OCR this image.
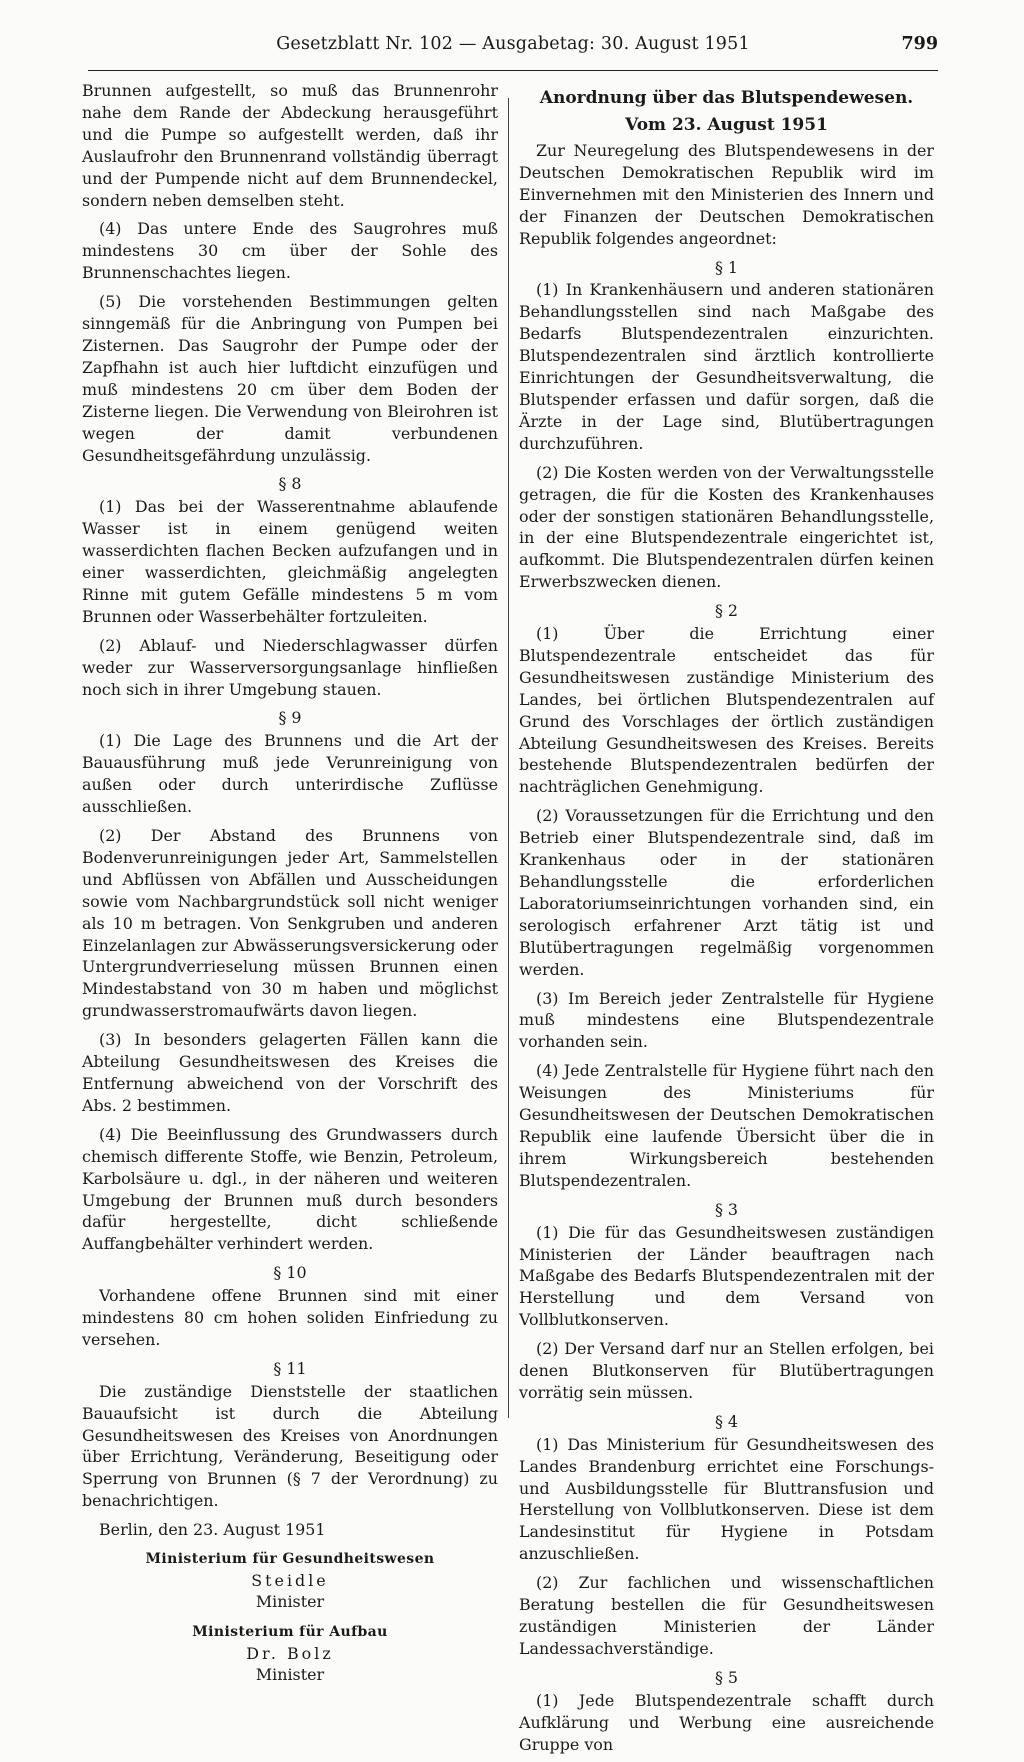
Gesetzblatt Nr. 102 — Ausgabetag: 30. August 1951	799

Brunnen aufgestellt, so muß das Brunnenrohr nahe dem Rande der Abdeckung herausgeführt und die Pumpe so aufgestellt werden, daß ihr Auslaufrohr den Brunnenrand vollständig überragt und der Pumpende nicht auf dem Brunnendeckel, sondern neben demselben steht.

(4) Das untere Ende des Saugrohres muß mindestens 30 cm über der Sohle des Brunnenschachtes liegen.

(5) Die vorstehenden Bestimmungen gelten sinngemäß für die Anbringung von Pumpen bei Zisternen. Das Saugrohr der Pumpe oder der Zapfhahn ist auch hier luftdicht einzufügen und muß mindestens 20 cm über dem Boden der Zisterne liegen. Die Verwendung von Bleirohren ist wegen der damit verbundenen Gesundheitsgefährdung unzulässig.

§ 8

(1) Das bei der Wasserentnahme ablaufende Wasser ist in einem genügend weiten wasserdichten flachen Becken aufzufangen und in einer wasserdichten, gleichmäßig angelegten Rinne mit gutem Gefälle mindestens 5 m vom Brunnen oder Wasserbehälter fortzuleiten.

(2) Ablauf- und Niederschlagwasser dürfen weder zur Wasserversorgungsanlage hinfließen noch sich in ihrer Umgebung stauen.

§ 9

(1) Die Lage des Brunnens und die Art der Bauausführung muß jede Verunreinigung von außen oder durch unterirdische Zuflüsse ausschließen.

(2) Der Abstand des Brunnens von Bodenverunreinigungen jeder Art, Sammelstellen und Abflüssen von Abfällen und Ausscheidungen sowie vom Nachbargrundstück soll nicht weniger als 10 m betragen. Von Senkgruben und anderen Einzelanlagen zur Abwässerungsversickerung oder Untergrundverrieselung müssen Brunnen einen Mindestabstand von 30 m haben und möglichst grundwasserstromaufwärts davon liegen.

(3) In besonders gelagerten Fällen kann die Abteilung Gesundheitswesen des Kreises die Entfernung abweichend von der Vorschrift des Abs. 2 bestimmen.

(4) Die Beeinflussung des Grundwassers durch chemisch differente Stoffe, wie Benzin, Petroleum, Karbolsäure u. dgl., in der näheren und weiteren Umgebung der Brunnen muß durch besonders dafür hergestellte, dicht schließende Auffangbehälter verhindert werden.

§ 10

Vorhandene offene Brunnen sind mit einer mindestens 80 cm hohen soliden Einfriedung zu versehen.

§ 11

Die zuständige Dienststelle der staatlichen Bauaufsicht ist durch die Abteilung Gesundheitswesen des Kreises von Anordnungen über Errichtung, Veränderung, Beseitigung oder Sperrung von Brunnen (§ 7 der Verordnung) zu benachrichtigen.

Berlin, den 23. August 1951

Ministerium für Gesundheitswesen
Steidle
Minister
Ministerium für Aufbau
Dr. Bolz
Minister
Anordnung über das Blutspendewesen.
Vom 23. August 1951

Zur Neuregelung des Blutspendewesens in der Deutschen Demokratischen Republik wird im Einvernehmen mit den Ministerien des Innern und der Finanzen der Deutschen Demokratischen Republik folgendes angeordnet:

§ 1

(1) In Krankenhäusern und anderen stationären Behandlungsstellen sind nach Maßgabe des Bedarfs Blutspendezentralen einzurichten. Blutspendezentralen sind ärztlich kontrollierte Einrichtungen der Gesundheitsverwaltung, die Blutspender erfassen und dafür sorgen, daß die Ärzte in der Lage sind, Blutübertragungen durchzuführen.

(2) Die Kosten werden von der Verwaltungsstelle getragen, die für die Kosten des Krankenhauses oder der sonstigen stationären Behandlungsstelle, in der eine Blutspendezentrale eingerichtet ist, aufkommt. Die Blutspendezentralen dürfen keinen Erwerbszwecken dienen.

§ 2

(1) Über die Errichtung einer Blutspendezentrale entscheidet das für Gesundheitswesen zuständige Ministerium des Landes, bei örtlichen Blutspendezentralen auf Grund des Vorschlages der örtlich zuständigen Abteilung Gesundheitswesen des Kreises. Bereits bestehende Blutspendezentralen bedürfen der nachträglichen Genehmigung.

(2) Voraussetzungen für die Errichtung und den Betrieb einer Blutspendezentrale sind, daß im Krankenhaus oder in der stationären Behandlungsstelle die erforderlichen Laboratoriumseinrichtungen vorhanden sind, ein serologisch erfahrener Arzt tätig ist und Blutübertragungen regelmäßig vorgenommen werden.

(3) Im Bereich jeder Zentralstelle für Hygiene muß mindestens eine Blutspendezentrale vorhanden sein.

(4) Jede Zentralstelle für Hygiene führt nach den Weisungen des Ministeriums für Gesundheitswesen der Deutschen Demokratischen Republik eine laufende Übersicht über die in ihrem Wirkungsbereich bestehenden Blutspendezentralen.

§ 3

(1) Die für das Gesundheitswesen zuständigen Ministerien der Länder beauftragen nach Maßgabe des Bedarfs Blutspendezentralen mit der Herstellung und dem Versand von Vollblutkonserven.

(2) Der Versand darf nur an Stellen erfolgen, bei denen Blutkonserven für Blutübertragungen vorrätig sein müssen.

§ 4

(1) Das Ministerium für Gesundheitswesen des Landes Brandenburg errichtet eine Forschungs- und Ausbildungsstelle für Bluttransfusion und Herstellung von Vollblutkonserven. Diese ist dem Landesinstitut für Hygiene in Potsdam anzuschließen.

(2) Zur fachlichen und wissenschaftlichen Beratung bestellen die für Gesundheitswesen zuständigen Ministerien der Länder Landessachverständige.

§ 5

(1) Jede Blutspendezentrale schafft durch Aufklärung und Werbung eine ausreichende Gruppe von
